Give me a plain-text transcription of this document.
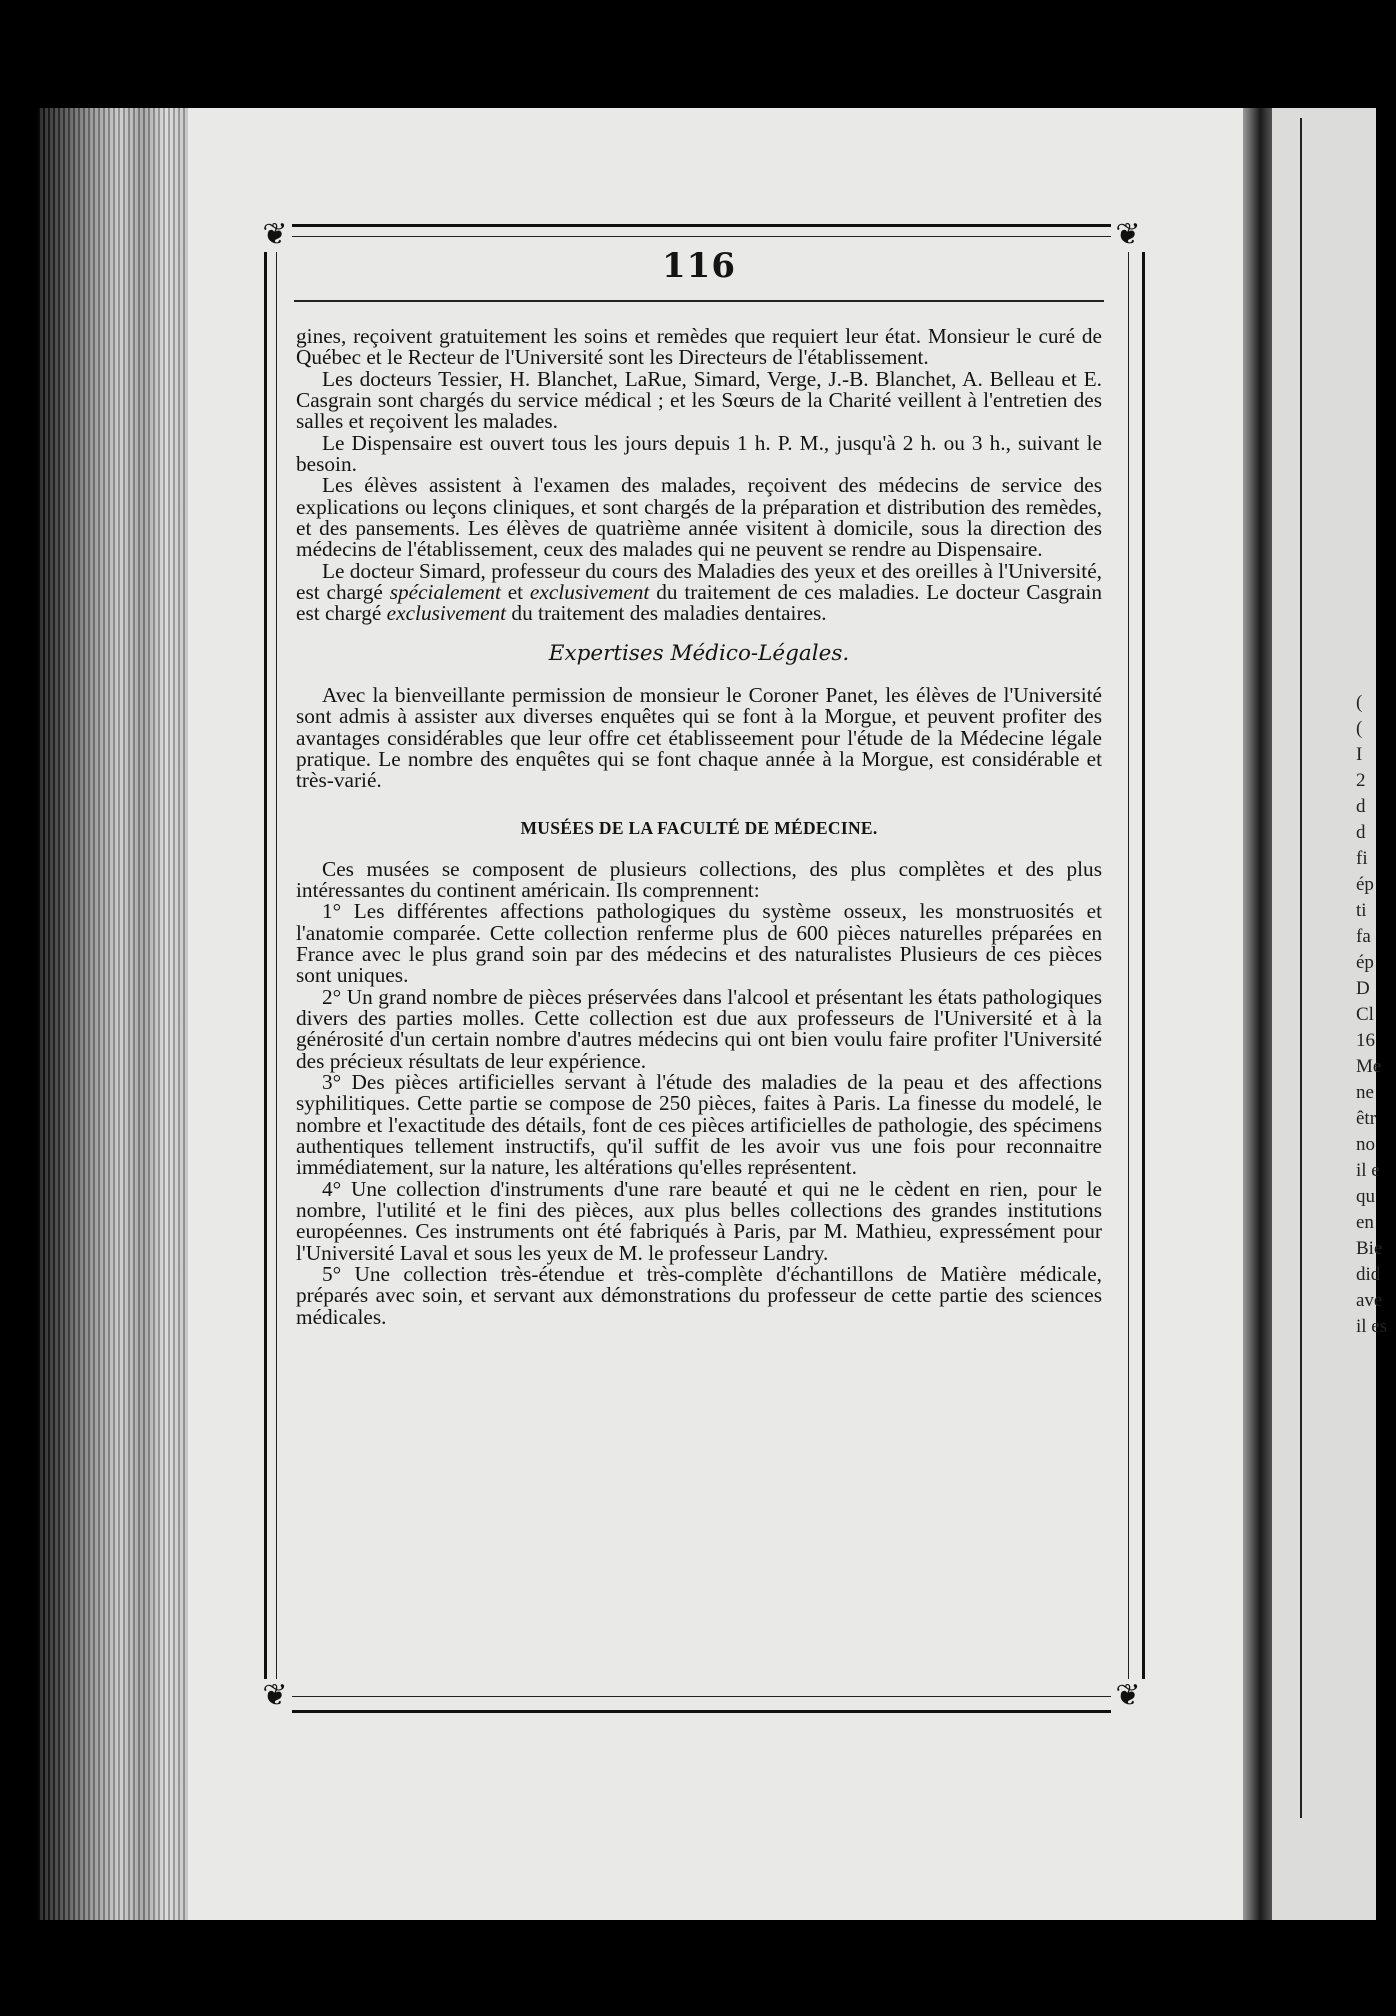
❦	❦
❦	❦
116

gines, reçoivent gratuitement les soins et remèdes que requiert leur état. Monsieur le curé de Québec et le Recteur de l'Université sont les Directeurs de l'établissement.

Les docteurs Tessier, H. Blanchet, LaRue, Simard, Verge, J.-B. Blanchet, A. Belleau et E. Casgrain sont chargés du service médical ; et les Sœurs de la Charité veillent à l'entretien des salles et reçoivent les malades.

Le Dispensaire est ouvert tous les jours depuis 1 h. P. M., jusqu'à 2 h. ou 3 h., suivant le besoin.

Les élèves assistent à l'examen des malades, reçoivent des médecins de service des explications ou leçons cliniques, et sont chargés de la préparation et distribution des remèdes, et des pansements. Les élèves de quatrième année visitent à domicile, sous la direction des médecins de l'établissement, ceux des malades qui ne peuvent se rendre au Dispensaire.

Le docteur Simard, professeur du cours des Maladies des yeux et des oreilles à l'Université, est chargé spécialement et exclusivement du traitement de ces maladies. Le docteur Casgrain est chargé exclusivement du traitement des maladies dentaires.

Expertises Médico-Légales.

Avec la bienveillante permission de monsieur le Coroner Panet, les élèves de l'Université sont admis à assister aux diverses enquêtes qui se font à la Morgue, et peuvent profiter des avantages considérables que leur offre cet établisseement pour l'étude de la Médecine légale pratique. Le nombre des enquêtes qui se font chaque année à la Morgue, est considérable et très-varié.

MUSÉES DE LA FACULTÉ DE MÉDECINE.

Ces musées se composent de plusieurs collections, des plus complètes et des plus intéressantes du continent américain. Ils comprennent:

1° Les différentes affections pathologiques du système osseux, les monstruosités et l'anatomie comparée. Cette collection renferme plus de 600 pièces naturelles préparées en France avec le plus grand soin par des médecins et des naturalistes Plusieurs de ces pièces sont uniques.

2° Un grand nombre de pièces préservées dans l'alcool et présentant les états pathologiques divers des parties molles. Cette collection est due aux professeurs de l'Université et à la générosité d'un certain nombre d'autres médecins qui ont bien voulu faire profiter l'Université des précieux résultats de leur expérience.

3° Des pièces artificielles servant à l'étude des maladies de la peau et des affections syphilitiques. Cette partie se compose de 250 pièces, faites à Paris. La finesse du modelé, le nombre et l'exactitude des détails, font de ces pièces artificielles de pathologie, des spécimens authentiques tellement instructifs, qu'il suffit de les avoir vus une fois pour reconnaitre immédiatement, sur la nature, les altérations qu'elles représentent.

4° Une collection d'instruments d'une rare beauté et qui ne le cèdent en rien, pour le nombre, l'utilité et le fini des pièces, aux plus belles collections des grandes institutions européennes. Ces instruments ont été fabriqués à Paris, par M. Mathieu, expressément pour l'Université Laval et sous les yeux de M. le professeur Landry.

5° Une collection très-étendue et très-complète d'échantillons de Matière médicale, préparés avec soin, et servant aux démonstrations du professeur de cette partie des sciences médicales.

(
(
I
2
d
d
fi
ép
ti
fa
ép
D
Cl
16
Me
ne
êtr
no
il e
qu
en
Bie
did
ave
il es
